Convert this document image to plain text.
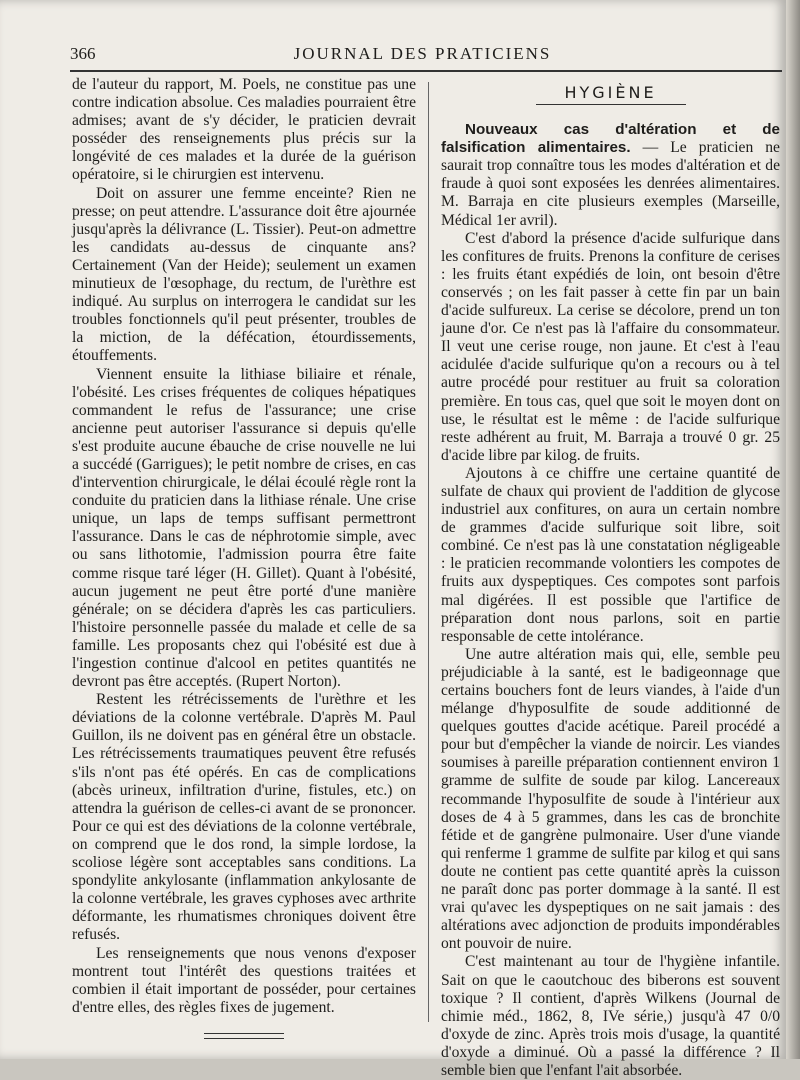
366	JOURNAL DES PRATICIENS

de l'auteur du rapport, M. Poels, ne constitue pas une contre indication absolue. Ces maladies pourraient être admises; avant de s'y décider, le praticien devrait posséder des renseignements plus précis sur la longévité de ces malades et la durée de la guérison opératoire, si le chirurgien est intervenu.

Doit on assurer une femme enceinte? Rien ne presse; on peut attendre. L'assurance doit être ajournée jusqu'après la délivrance (L. Tissier). Peut-on admettre les candidats au-dessus de cinquante ans? Certainement (Van der Heide); seulement un examen minutieux de l'œsophage, du rectum, de l'urèthre est indiqué. Au surplus on interrogera le candidat sur les troubles fonctionnels qu'il peut présenter, troubles de la miction, de la défécation, étourdissements, étouffements.

Viennent ensuite la lithiase biliaire et rénale, l'obésité. Les crises fréquentes de coliques hépatiques commandent le refus de l'assurance; une crise ancienne peut autoriser l'assurance si depuis qu'elle s'est produite aucune ébauche de crise nouvelle ne lui a succédé (Garrigues); le petit nombre de crises, en cas d'intervention chirurgicale, le délai écoulé règle ront la conduite du praticien dans la lithiase rénale. Une crise unique, un laps de temps suffisant permettront l'assurance. Dans le cas de néphrotomie simple, avec ou sans lithotomie, l'admission pourra être faite comme risque taré léger (H. Gillet). Quant à l'obésité, aucun jugement ne peut être porté d'une manière générale; on se décidera d'après les cas particuliers. l'histoire personnelle passée du malade et celle de sa famille. Les proposants chez qui l'obésité est due à l'ingestion continue d'alcool en petites quantités ne devront pas être acceptés. (Rupert Norton).

Restent les rétrécissements de l'urèthre et les déviations de la colonne vertébrale. D'après M. Paul Guillon, ils ne doivent pas en général être un obstacle. Les rétrécissements traumatiques peuvent être refusés s'ils n'ont pas été opérés. En cas de complications (abcès urineux, infiltration d'urine, fistules, etc.) on attendra la guérison de celles-ci avant de se prononcer. Pour ce qui est des déviations de la colonne vertébrale, on comprend que le dos rond, la simple lordose, la scoliose légère sont acceptables sans conditions. La spondylite ankylosante (inflammation ankylosante de la colonne vertébrale, les graves cyphoses avec arthrite déformante, les rhumatismes chroniques doivent être refusés.

Les renseignements que nous venons d'exposer montrent tout l'intérêt des questions traitées et combien il était important de posséder, pour certaines d'entre elles, des règles fixes de jugement.

HYGIÈNE

Nouveaux cas d'altération et de falsification alimentaires. — Le praticien ne saurait trop connaître tous les modes d'altération et de fraude à quoi sont exposées les denrées alimentaires. M. Barraja en cite plusieurs exemples (Marseille, Médical 1er avril).

C'est d'abord la présence d'acide sulfurique dans les confitures de fruits. Prenons la confiture de cerises : les fruits étant expédiés de loin, ont besoin d'être conservés ; on les fait passer à cette fin par un bain d'acide sulfureux. La cerise se décolore, prend un ton jaune d'or. Ce n'est pas là l'affaire du consommateur. Il veut une cerise rouge, non jaune. Et c'est à l'eau acidulée d'acide sulfurique qu'on a recours ou à tel autre procédé pour restituer au fruit sa coloration première. En tous cas, quel que soit le moyen dont on use, le résultat est le même : de l'acide sulfurique reste adhérent au fruit, M. Barraja a trouvé 0 gr. 25 d'acide libre par kilog. de fruits.

Ajoutons à ce chiffre une certaine quantité de sulfate de chaux qui provient de l'addition de glycose industriel aux confitures, on aura un certain nombre de grammes d'acide sulfurique soit libre, soit combiné. Ce n'est pas là une constatation négligeable : le praticien recommande volontiers les compotes de fruits aux dyspeptiques. Ces compotes sont parfois mal digérées. Il est possible que l'artifice de préparation dont nous parlons, soit en partie responsable de cette intolérance.

Une autre altération mais qui, elle, semble peu préjudiciable à la santé, est le badigeonnage que certains bouchers font de leurs viandes, à l'aide d'un mélange d'hyposulfite de soude additionné de quelques gouttes d'acide acétique. Pareil procédé a pour but d'empêcher la viande de noircir. Les viandes soumises à pareille préparation contiennent environ 1 gramme de sulfite de soude par kilog. Lancereaux recommande l'hyposulfite de soude à l'intérieur aux doses de 4 à 5 grammes, dans les cas de bronchite fétide et de gangrène pulmonaire. User d'une viande qui renferme 1 gramme de sulfite par kilog et qui sans doute ne contient pas cette quantité après la cuisson ne paraît donc pas porter dommage à la santé. Il est vrai qu'avec les dyspeptiques on ne sait jamais : des altérations avec adjonction de produits impondérables ont pouvoir de nuire.

C'est maintenant au tour de l'hygiène infantile. Sait on que le caoutchouc des biberons est souvent toxique ? Il contient, d'après Wilkens (Journal de chimie méd., 1862, 8, IVe série,) jusqu'à 47 0/0 d'oxyde de zinc. Après trois mois d'usage, la quantité d'oxyde a diminué. Où a passé la différence ? Il semble bien que l'enfant l'ait absorbée.
